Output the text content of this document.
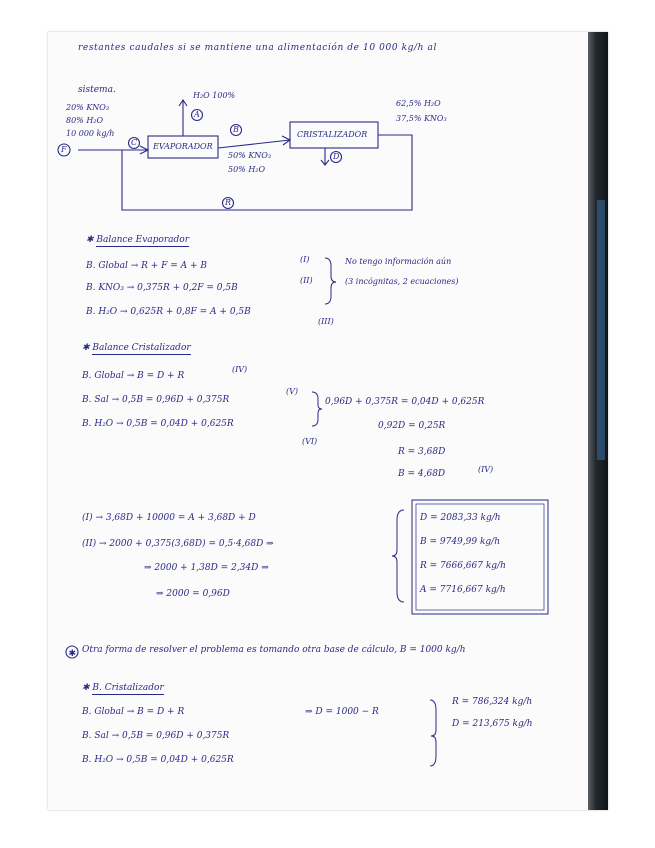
restantes caudales si se mantiene una alimentación de 10 000 kg/h al
sistema.
H₂O 100%
A
B
C
D
R
F
20% KNO₃
80% H₂O
10 000 kg/h
EVAPORADOR
CRISTALIZADOR
50% KNO₃
50% H₂O
62,5% H₂O
37,5% KNO₃
✱ Balance Evaporador
B. Global → R + F = A + B
B. KNO₃ → 0,375R + 0,2F = 0,5B
B. H₂O → 0,625R + 0,8F = A + 0,5B
(I)
(II)
(III)
No tengo información aún
(3 incógnitas, 2 ecuaciones)
✱ Balance Cristalizador
B. Global → B = D + R
(IV)
B. Sal → 0,5B = 0,96D + 0,375R
(V)
B. H₂O → 0,5B = 0,04D + 0,625R
(VI)
0,96D + 0,375R = 0,04D + 0,625R
0,92D = 0,25R
R = 3,68D
B = 4,68D	(IV)
(I) → 3,68D + 10000 = A + 3,68D + D
(II) → 2000 + 0,375(3,68D) = 0,5·4,68D ⇒
⇒ 2000 + 1,38D = 2,34D ⇒
⇒ 2000 = 0,96D
D = 2083,33 kg/h
B = 9749,99 kg/h
R = 7666,667 kg/h
A = 7716,667 kg/h
✱ Otra forma de resolver el problema es tomando otra base de cálculo, B = 1000 kg/h
✱ B. Cristalizador
B. Global → B = D + R
B. Sal → 0,5B = 0,96D + 0,375R
B. H₂O → 0,5B = 0,04D + 0,625R
⇒ D = 1000 − R
R = 786,324 kg/h
D = 213,675 kg/h
